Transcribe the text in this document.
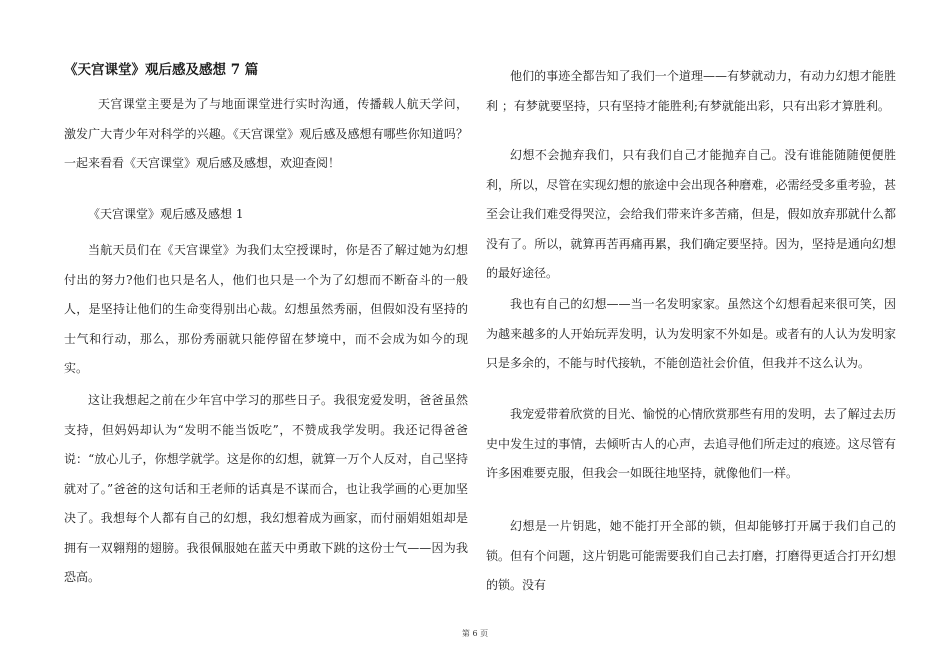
《天宫课堂》观后感及感想 7 篇

天宫课堂主要是为了与地面课堂进行实时沟通，传播载人航天学问，激发广大青少年对科学的兴趣。《天宫课堂》观后感及感想有哪些你知道吗？一起来看看《天宫课堂》观后感及感想，欢迎查阅！

《天宫课堂》观后感及感想 1

当航天员们在《天宫课堂》为我们太空授课时，你是否了解过她为幻想付出的努力?他们也只是名人，他们也只是一个为了幻想而不断奋斗的一般人，是坚持让他们的生命变得别出心裁。幻想虽然秀丽，但假如没有坚持的士气和行动，那么，那份秀丽就只能停留在梦境中，而不会成为如今的现实。

这让我想起之前在少年宫中学习的那些日子。我很宠爱发明，爸爸虽然支持，但妈妈却认为“发明不能当饭吃”，不赞成我学发明。我还记得爸爸说：“放心儿子，你想学就学。这是你的幻想，就算一万个人反对，自己坚持就对了。”爸爸的这句话和王老师的话真是不谋而合，也让我学画的心更加坚决了。我想每个人都有自己的幻想，我幻想着成为画家，而付丽娟姐姐却是拥有一双翱翔的翅膀。我很佩服她在蓝天中勇敢下跳的这份士气——因为我恐高。

他们的事迹全都告知了我们一个道理——有梦就动力，有动力幻想才能胜利 ；有梦就要坚持，只有坚持才能胜利;有梦就能出彩，只有出彩才算胜利。

幻想不会抛弃我们，只有我们自己才能抛弃自己。没有谁能随随便便胜利，所以，尽管在实现幻想的旅途中会出现各种磨难，必需经受多重考验，甚至会让我们难受得哭泣，会给我们带来许多苦痛，但是，假如放弃那就什么都没有了。所以，就算再苦再痛再累，我们确定要坚持。因为，坚持是通向幻想的最好途径。

我也有自己的幻想——当一名发明家家。虽然这个幻想看起来很可笑，因为越来越多的人开始玩弄发明，认为发明家不外如是。或者有的人认为发明家只是多余的，不能与时代接轨，不能创造社会价值，但我并不这么认为。

我宠爱带着欣赏的目光、愉悦的心情欣赏那些有用的发明，去了解过去历史中发生过的事情，去倾听古人的心声，去追寻他们所走过的痕迹。这尽管有许多困难要克服，但我会一如既往地坚持，就像他们一样。

幻想是一片钥匙，她不能打开全部的锁，但却能够打开属于我们自己的锁。但有个问题，这片钥匙可能需要我们自己去打磨，打磨得更适合打开幻想的锁。没有

第 6 页
